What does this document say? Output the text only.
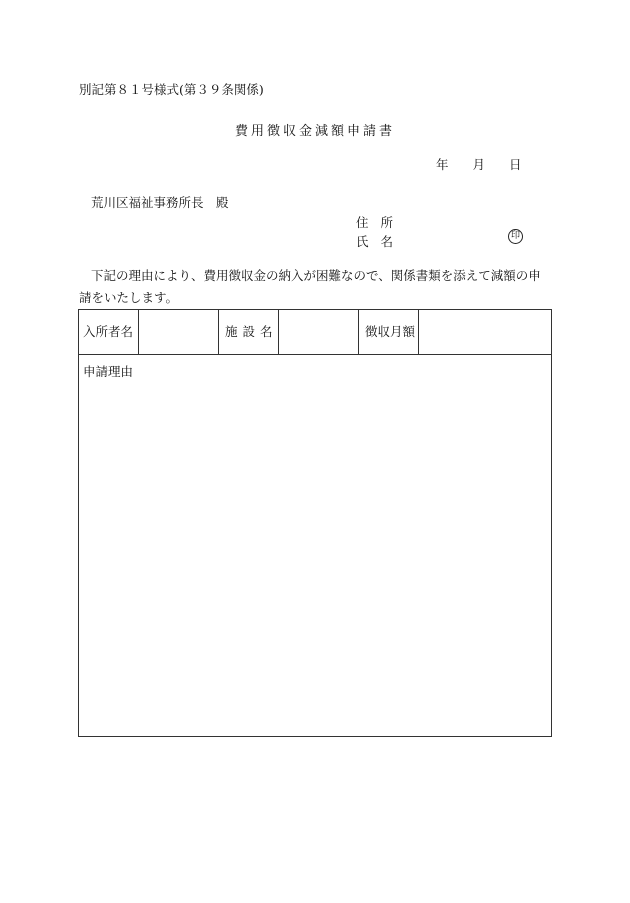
別記第８１号様式(第３９条関係)
費用徴収金減額申請書
年 月 日
荒川区福祉事務所長　殿
住所
氏名	印
下記の理由により、費用徴収金の納入が困難なので、関係書類を添えて減額の申請をいたします。
入所者名	施設名	徴収月額
申請理由
